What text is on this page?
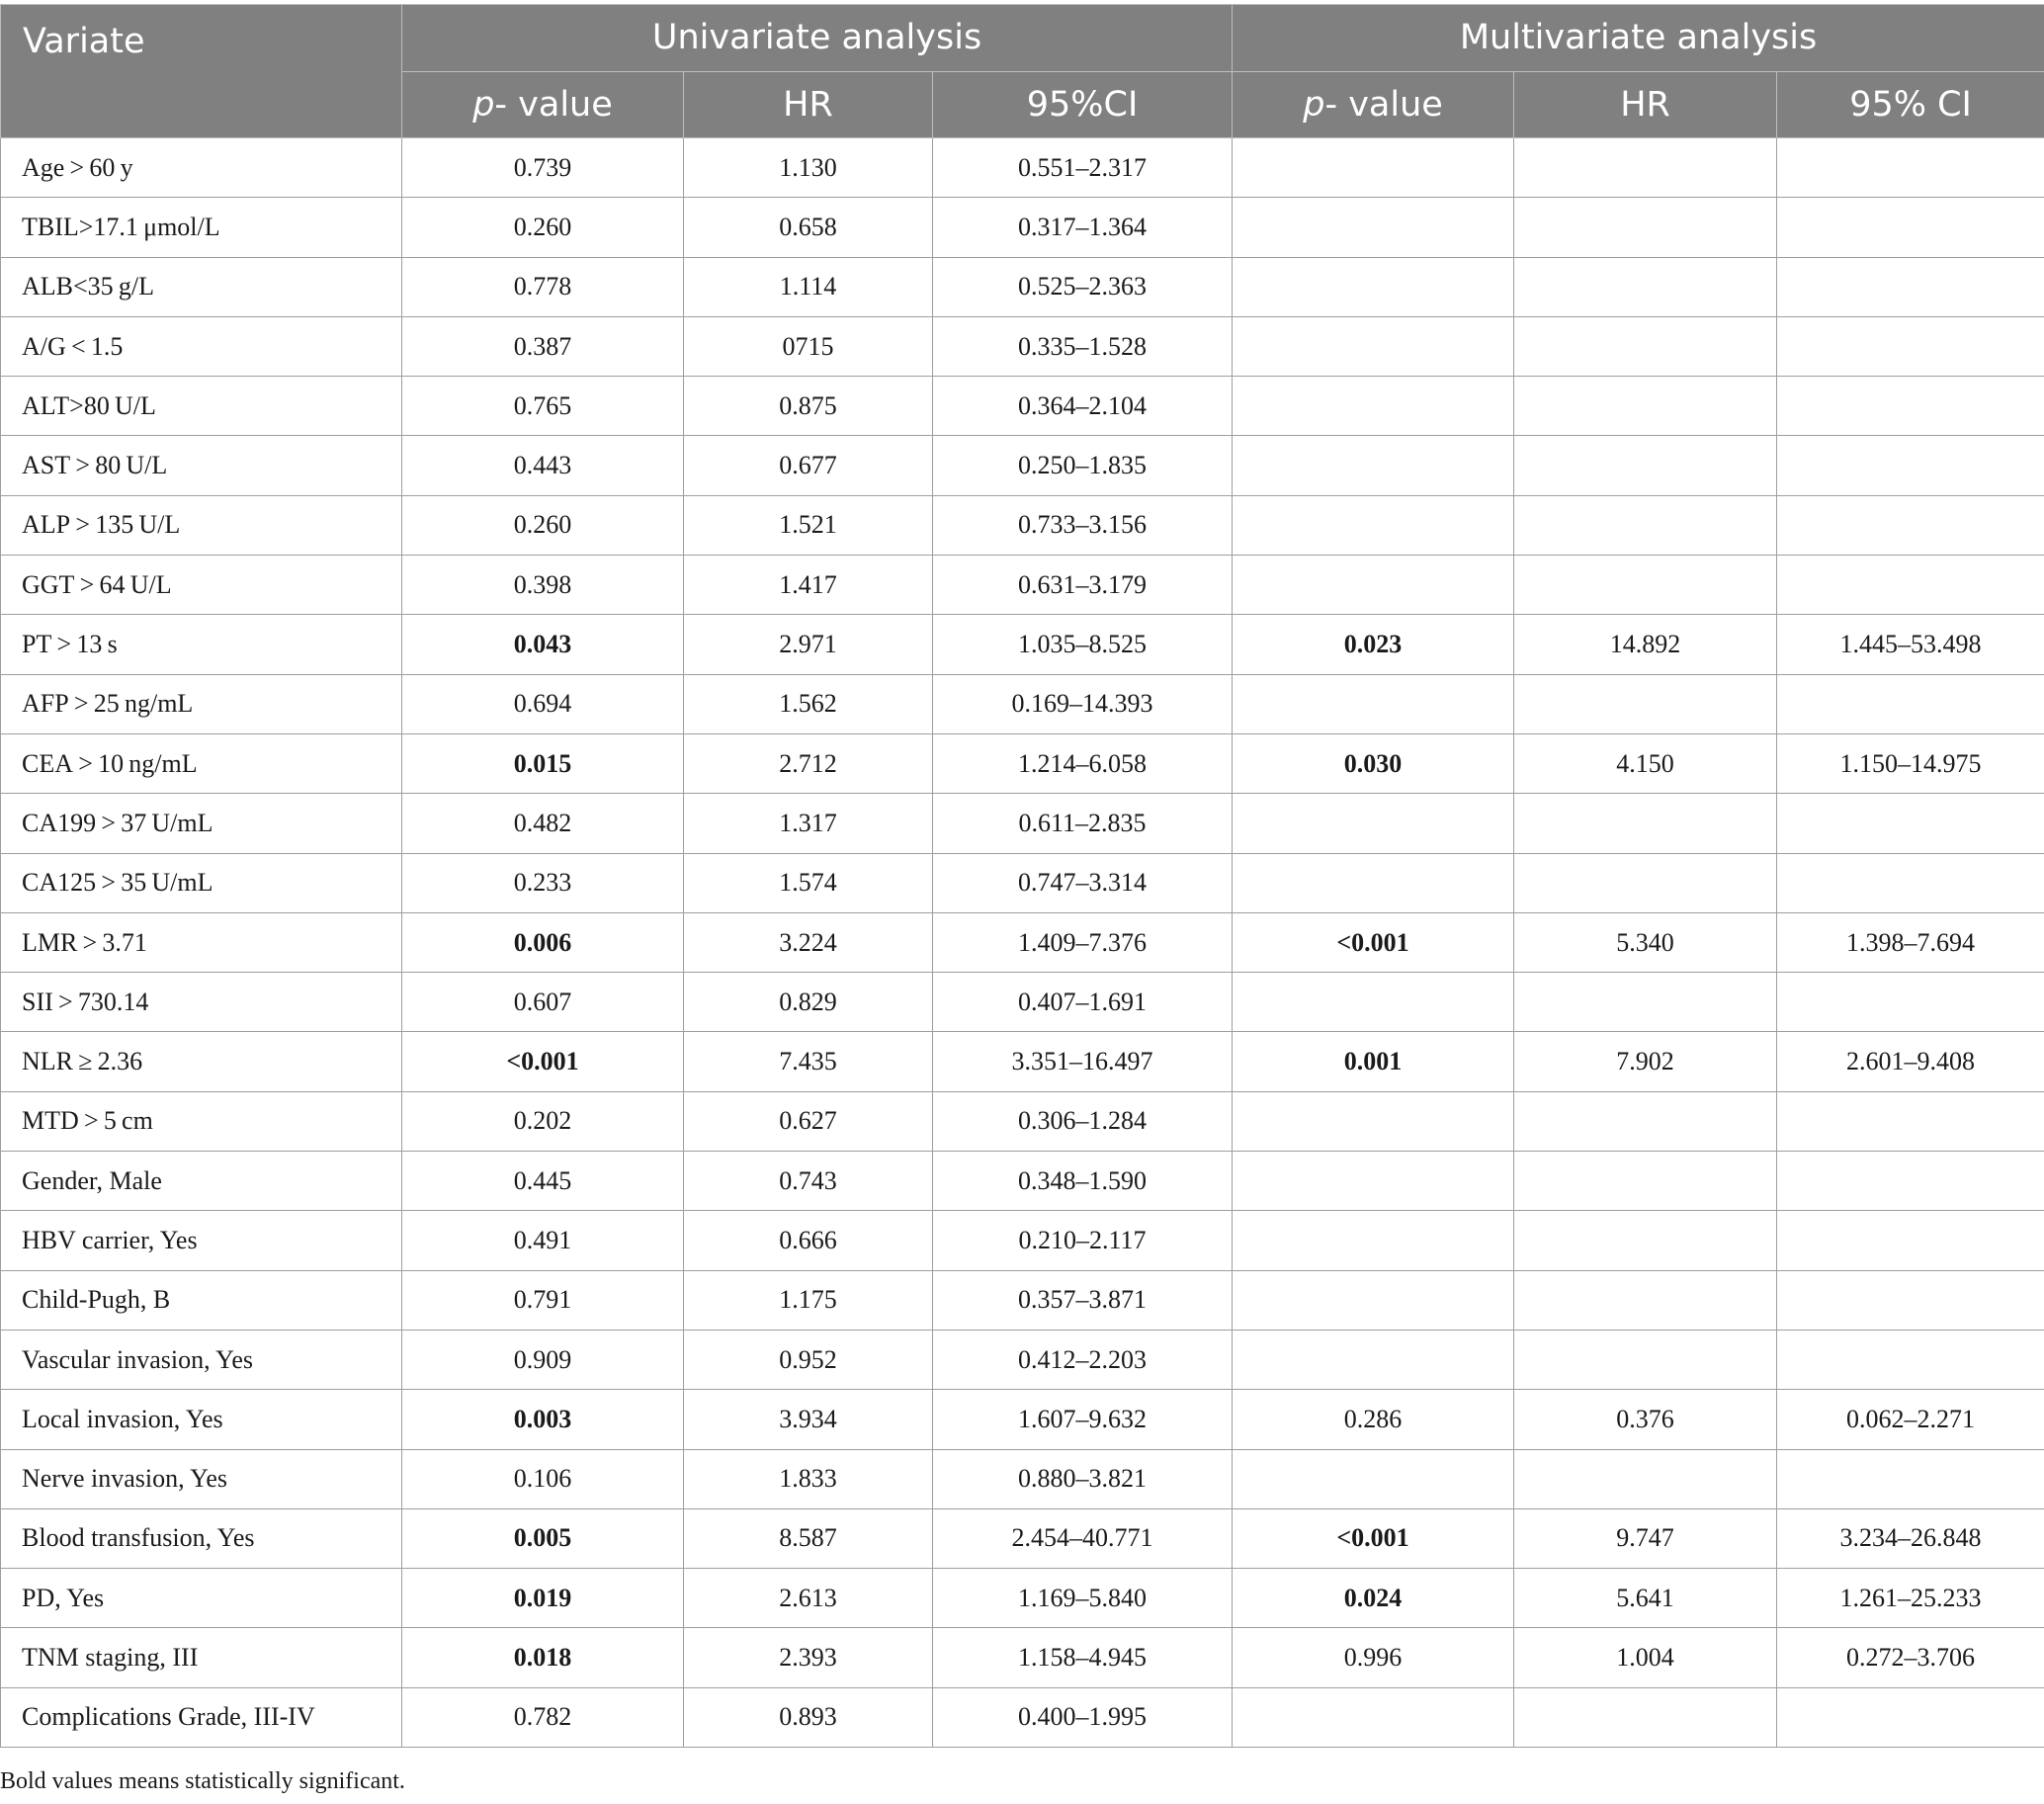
Variate	Univariate analysis			Multivariate analysis		
	p- value	HR	95%CI	p- value	HR	95% CI
Age > 60 y	0.739	1.130	0.551–2.317			
TBIL>17.1 μmol/L	0.260	0.658	0.317–1.364			
ALB<35 g/L	0.778	1.114	0.525–2.363			
A/G < 1.5	0.387	0715	0.335–1.528			
ALT>80 U/L	0.765	0.875	0.364–2.104			
AST > 80 U/L	0.443	0.677	0.250–1.835			
ALP > 135 U/L	0.260	1.521	0.733–3.156			
GGT > 64 U/L	0.398	1.417	0.631–3.179			
PT > 13 s	0.043	2.971	1.035–8.525	0.023	14.892	1.445–53.498
AFP > 25 ng/mL	0.694	1.562	0.169–14.393			
CEA > 10 ng/mL	0.015	2.712	1.214–6.058	0.030	4.150	1.150–14.975
CA199 > 37 U/mL	0.482	1.317	0.611–2.835			
CA125 > 35 U/mL	0.233	1.574	0.747–3.314			
LMR > 3.71	0.006	3.224	1.409–7.376	<0.001	5.340	1.398–7.694
SII > 730.14	0.607	0.829	0.407–1.691			
NLR ≥ 2.36	<0.001	7.435	3.351–16.497	0.001	7.902	2.601–9.408
MTD > 5 cm	0.202	0.627	0.306–1.284			
Gender, Male	0.445	0.743	0.348–1.590			
HBV carrier, Yes	0.491	0.666	0.210–2.117			
Child-Pugh, B	0.791	1.175	0.357–3.871			
Vascular invasion, Yes	0.909	0.952	0.412–2.203			
Local invasion, Yes	0.003	3.934	1.607–9.632	0.286	0.376	0.062–2.271
Nerve invasion, Yes	0.106	1.833	0.880–3.821			
Blood transfusion, Yes	0.005	8.587	2.454–40.771	<0.001	9.747	3.234–26.848
PD, Yes	0.019	2.613	1.169–5.840	0.024	5.641	1.261–25.233
TNM staging, III	0.018	2.393	1.158–4.945	0.996	1.004	0.272–3.706
Complications Grade, III-IV	0.782	0.893	0.400–1.995			
Bold values means statistically significant.
